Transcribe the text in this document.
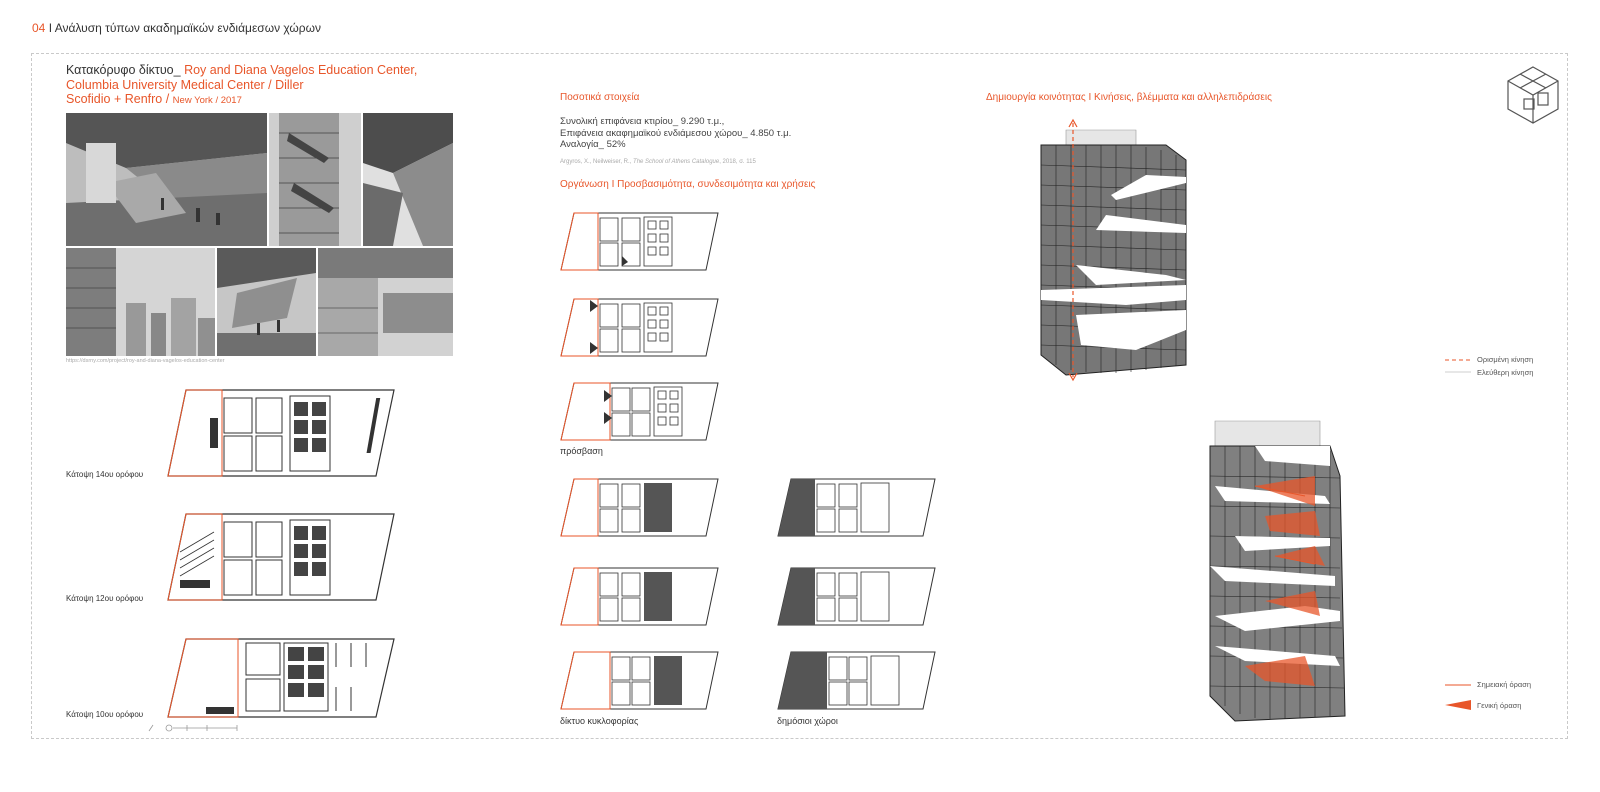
04 Ι Ανάλυση τύπων ακαδημαϊκών ενδιάμεσων χώρων
Κατακόρυφο δίκτυο_ Roy and Diana Vagelos Education Center,
Columbia University Medical Center / Diller
Scofidio + Renfro / New York / 2017
https://dsrny.com/project/roy-and-diana-vagelos-education-center
Κάτοψη 14ου ορόφου
Κάτοψη 12ου ορόφου
Κάτοψη 10ου ορόφου
Ποσοτικά στοιχεία
Συνολική επιφάνεια κτιρίου_ 9.290 τ.μ.,
Επιφάνεια ακαφημαϊκού ενδιάμεσου χώρου_ 4.850 τ.μ.
Αναλογία_ 52%
Argyros, X., Neilweiser, R., The School of Athens Catalogue, 2018, σ. 115
Οργάνωση Ι Προσβασιμότητα, συνδεσιμότητα και χρήσεις
πρόσβαση
δίκτυο κυκλοφορίας	δημόσιοι χώροι
Δημιουργία κοινότητας Ι Κινήσεις, βλέμματα και αλληλεπιδράσεις
Ορισμένη κίνηση
Ελεύθερη κίνηση
Σημειακή όραση
Γενική όραση
